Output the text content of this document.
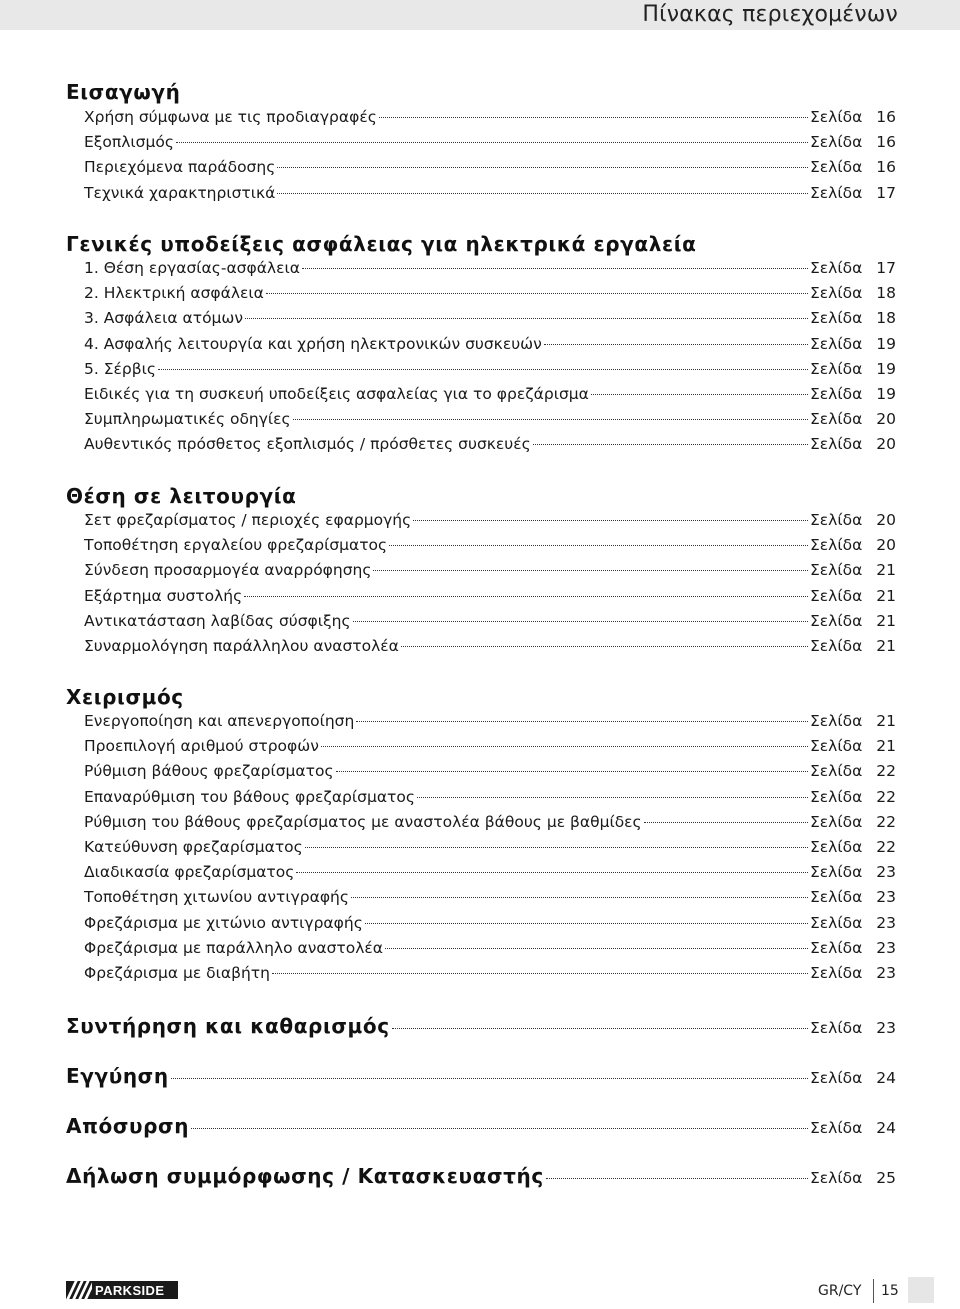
Πίνακας περιεχομένων
Εισαγωγή
Χρήση σύμφωνα με τις προδιαγραφές	Σελίδα 16
Εξοπλισμός	Σελίδα 16
Περιεχόμενα παράδοσης	Σελίδα 16
Τεχνικά χαρακτηριστικά	Σελίδα 17
Γενικές υποδείξεις ασφάλειας για ηλεκτρικά εργαλεία
1. Θέση εργασίας-ασφάλεια	Σελίδα 17
2. Ηλεκτρική ασφάλεια	Σελίδα 18
3. Ασφάλεια ατόμων	Σελίδα 18
4. Ασφαλής λειτουργία και χρήση ηλεκτρονικών συσκευών	Σελίδα 19
5. Σέρβις	Σελίδα 19
Ειδικές για τη συσκευή υποδείξεις ασφαλείας για το φρεζάρισμα	Σελίδα 19
Συμπληρωματικές οδηγίες	Σελίδα 20
Αυθεντικός πρόσθετος εξοπλισμός / πρόσθετες συσκευές	Σελίδα 20
Θέση σε λειτουργία
Σετ φρεζαρίσματος / περιοχές εφαρμογής	Σελίδα 20
Τοποθέτηση εργαλείου φρεζαρίσματος	Σελίδα 20
Σύνδεση προσαρμογέα αναρρόφησης	Σελίδα 21
Εξάρτημα συστολής	Σελίδα 21
Αντικατάσταση λαβίδας σύσφιξης	Σελίδα 21
Συναρμολόγηση παράλληλου αναστολέα	Σελίδα 21
Χειρισμός
Ενεργοποίηση και απενεργοποίηση	Σελίδα 21
Προεπιλογή αριθμού στροφών	Σελίδα 21
Ρύθμιση βάθους φρεζαρίσματος	Σελίδα 22
Επαναρύθμιση του βάθους φρεζαρίσματος	Σελίδα 22
Ρύθμιση του βάθους φρεζαρίσματος με αναστολέα βάθους με βαθμίδες	Σελίδα 22
Κατεύθυνση φρεζαρίσματος	Σελίδα 22
Διαδικασία φρεζαρίσματος	Σελίδα 23
Τοποθέτηση χιτωνίου αντιγραφής	Σελίδα 23
Φρεζάρισμα με χιτώνιο αντιγραφής	Σελίδα 23
Φρεζάρισμα με παράλληλο αναστολέα	Σελίδα 23
Φρεζάρισμα με διαβήτη	Σελίδα 23
Συντήρηση και καθαρισμός	Σελίδα 23
Εγγύηση	Σελίδα 24
Απόσυρση	Σελίδα 24
Δήλωση συμμόρφωσης / Κατασκευαστής	Σελίδα 25
PARKSIDE	GR/CY 15
